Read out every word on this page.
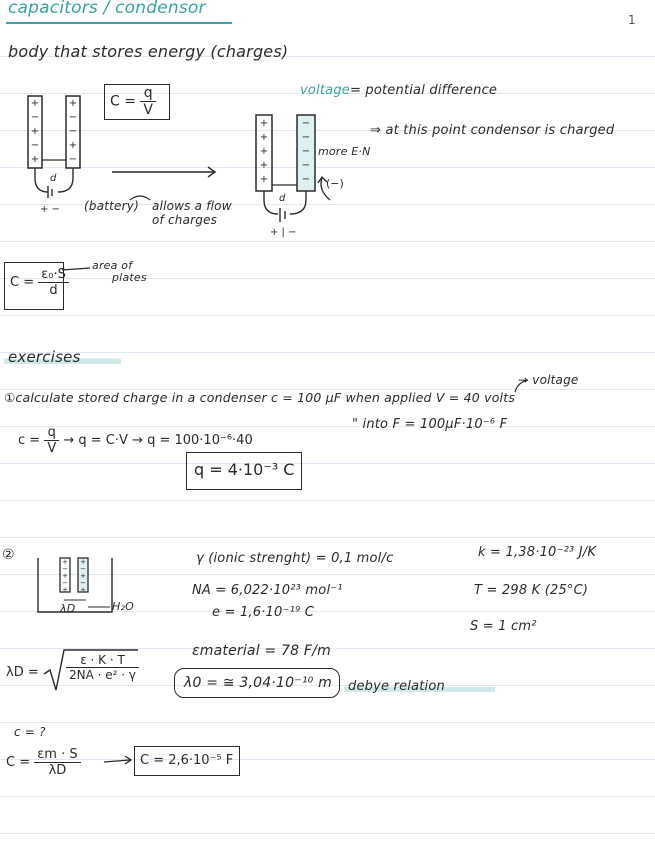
1
capacitors / condensor
body that stores energy (charges)
+
−
+
−
+
+
−
−
+
−
d
+ − (battery) allows a flow
of charges
$C = \frac{q}{V}$	voltage= potential difference
+
+
+
+
+
−
−
−
−
−
more E·N
⇒ at this point condensor is charged
(−)
d
+ | −
$C = \frac{\text{ε₀·S}}{d}$
area of
plates
exercises
→ voltage
①calculate stored charge in a condenser c = 100 μF when applied V = 40 volts
$c = \frac{q}{V} \to q = C\cdot V \to q = 100\cdot 10^{-6}\cdot 40$
" into F = 100μF·10⁻⁶ F
q = 4·10⁻³ C
②	+
−
+
−
+
+
−
+
−
+
λD	H₂O
γ (ionic strenght) = 0,1 mol/c
NA = 6,022·10²³ mol⁻¹
e = 1,6·10⁻¹⁹ C
k = 1,38·10⁻²³ J/K
T = 298 K (25°C)
S = 1 cm²
εmaterial = 78 F/m
$\lambda D = \frac{\varepsilon \cdot K \cdot T}{\text{2NA · e² · γ}}$
λ0 = ≅ 3,04·10⁻¹⁰ m	debye relation
c = ?
$C = \frac{\varepsilon m \cdot S}{\lambda D}$	C = 2,6·10⁻⁵ F
